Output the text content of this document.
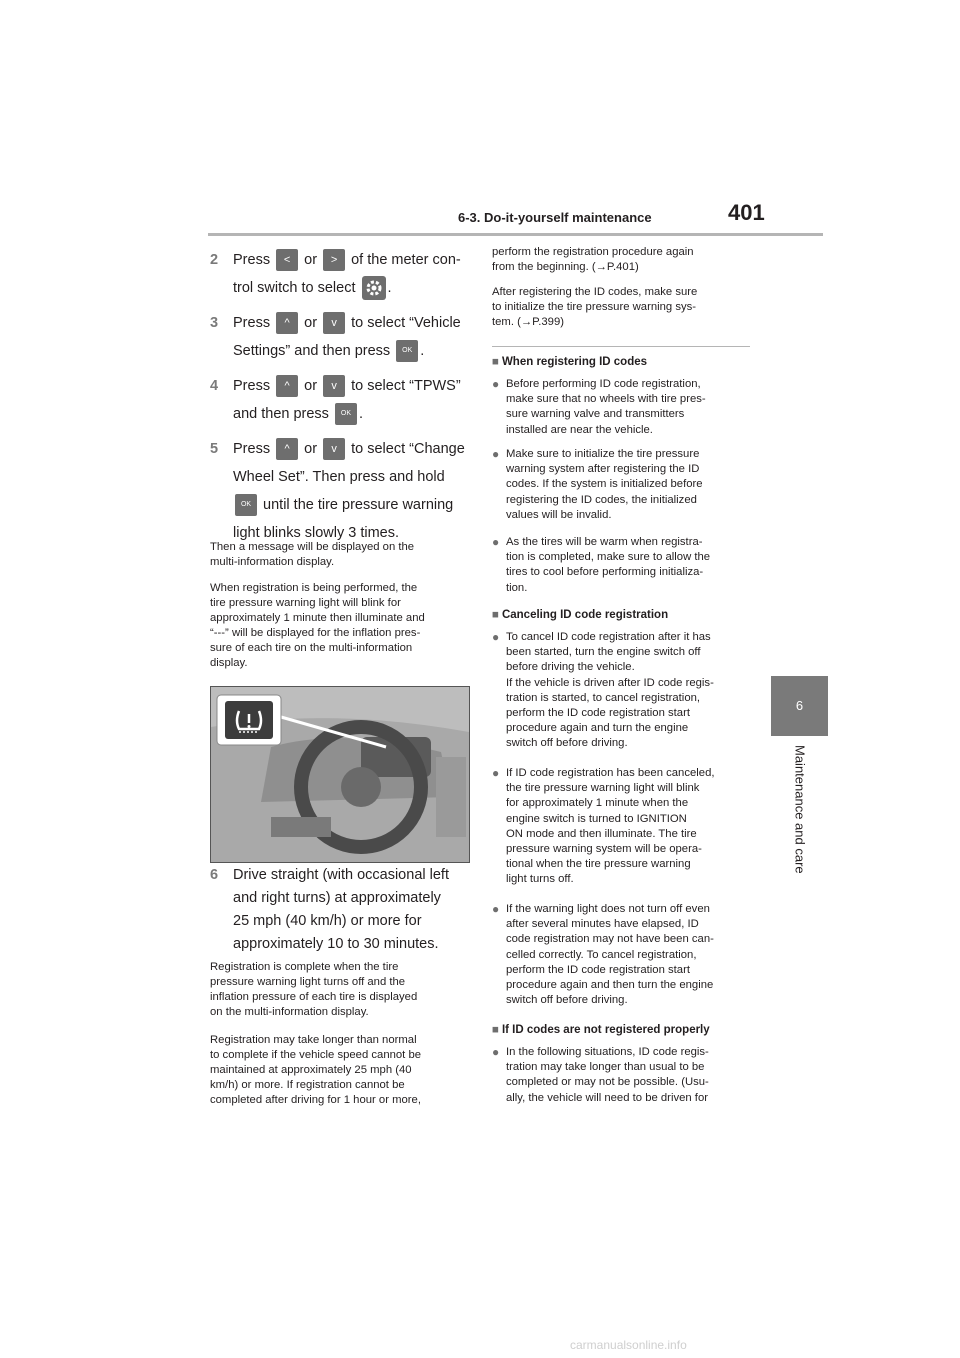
6-3. Do-it-yourself maintenance	401
6
Maintenance and care
2 Press < or > of the meter con-
trol switch to select .
3 Press ^ or v to select “Vehicle
Settings” and then press OK .
4 Press ^ or v to select “TPWS”
and then press OK .
5 Press ^ or v to select “Change
Wheel Set”. Then press and hold
OK until the tire pressure warning
light blinks slowly 3 times.
Then a message will be displayed on the
multi-information display.
When registration is being performed, the
tire pressure warning light will blink for
approximately 1 minute then illuminate and
“---” will be displayed for the inflation pres-
sure of each tire on the multi-information
display.
6 Drive straight (with occasional left
and right turns) at approximately
25 mph (40 km/h) or more for
approximately 10 to 30 minutes.
Registration is complete when the tire
pressure warning light turns off and the
inflation pressure of each tire is displayed
on the multi-information display.
Registration may take longer than normal
to complete if the vehicle speed cannot be
maintained at approximately 25 mph (40
km/h) or more. If registration cannot be
completed after driving for 1 hour or more,
perform the registration procedure again
from the beginning. (→P.401)
After registering the ID codes, make sure
to initialize the tire pressure warning sys-
tem. (→P.399)
■ When registering ID codes
● Before performing ID code registration,
make sure that no wheels with tire pres-
sure warning valve and transmitters
installed are near the vehicle.
● Make sure to initialize the tire pressure
warning system after registering the ID
codes. If the system is initialized before
registering the ID codes, the initialized
values will be invalid.
● As the tires will be warm when registra-
tion is completed, make sure to allow the
tires to cool before performing initializa-
tion.
■ Canceling ID code registration
● To cancel ID code registration after it has
been started, turn the engine switch off
before driving the vehicle.
If the vehicle is driven after ID code regis-
tration is started, to cancel registration,
perform the ID code registration start
procedure again and turn the engine
switch off before driving.
● If ID code registration has been canceled,
the tire pressure warning light will blink
for approximately 1 minute when the
engine switch is turned to IGNITION
ON mode and then illuminate. The tire
pressure warning system will be opera-
tional when the tire pressure warning
light turns off.
● If the warning light does not turn off even
after several minutes have elapsed, ID
code registration may not have been can-
celled correctly. To cancel registration,
perform the ID code registration start
procedure again and then turn the engine
switch off before driving.
■ If ID codes are not registered properly
● In the following situations, ID code regis-
tration may take longer than usual to be
completed or may not be possible. (Usu-
ally, the vehicle will need to be driven for
carmanualsonline.info
